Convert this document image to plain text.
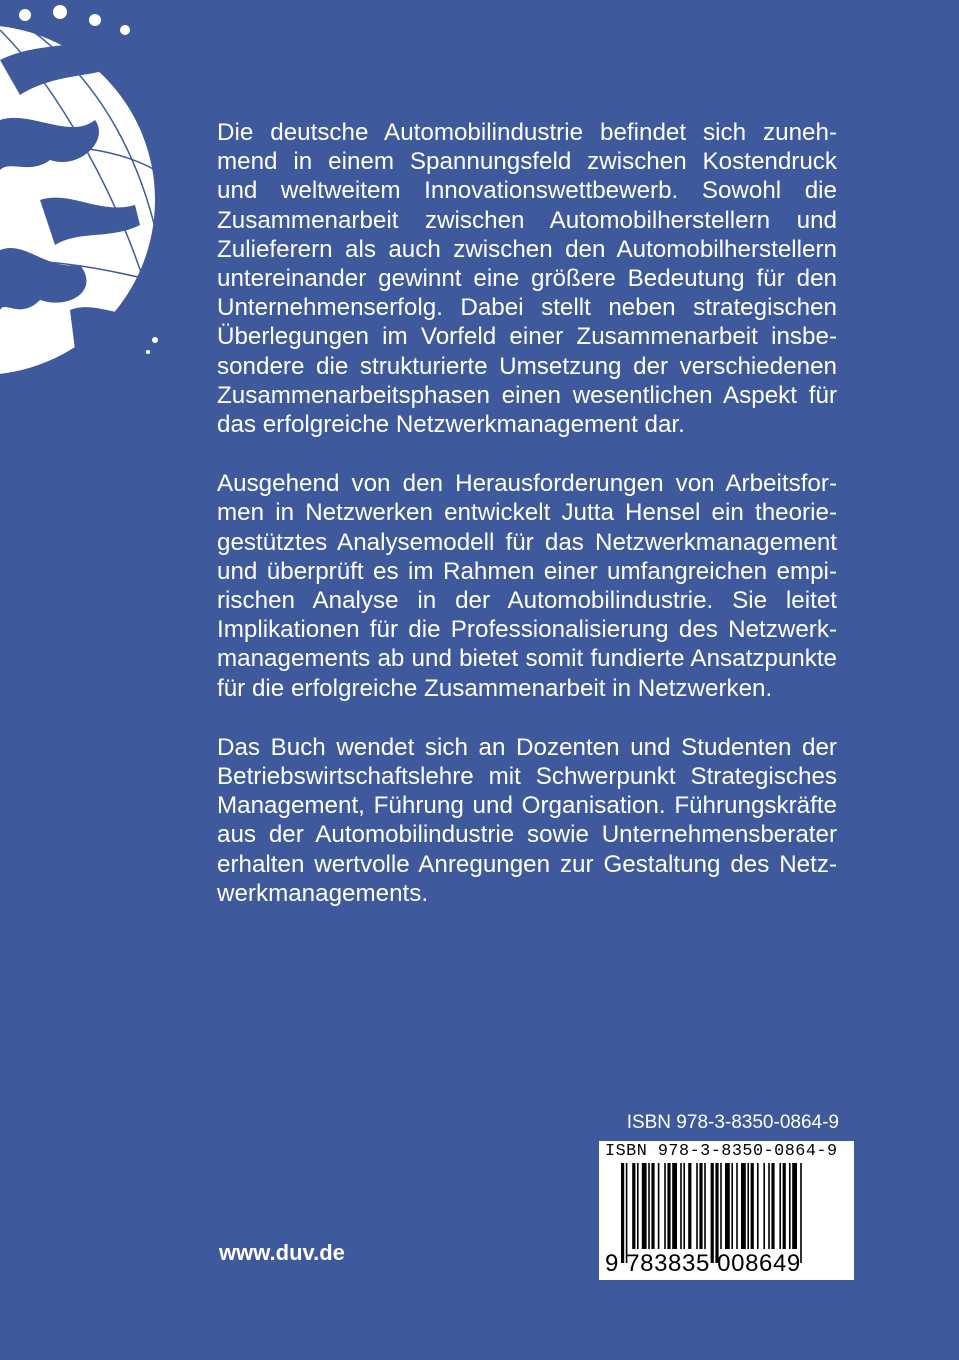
Die deutsche Automobilindustrie befindet sich zunehmend in einem Spannungsfeld zwischen Kostendruck und weltweitem Innovationswettbewerb. Sowohl die Zusammenarbeit zwischen Automobilherstellern und Zulieferern als auch zwischen den Automobilherstellern untereinander gewinnt eine größere Bedeutung für den Unternehmenserfolg. Dabei stellt neben strategischen Überlegungen im Vorfeld einer Zusammenarbeit insbesondere die strukturierte Umsetzung der verschiedenen Zusammenarbeitsphasen einen wesentlichen Aspekt für das erfolgreiche Netzwerkmanagement dar.

Ausgehend von den Herausforderungen von Arbeitsformen in Netzwerken entwickelt Jutta Hensel ein theoriegestütztes Analysemodell für das Netzwerkmanagement und überprüft es im Rahmen einer umfangreichen empirischen Analyse in der Automobilindustrie. Sie leitet Implikationen für die Professionalisierung des Netzwerkmanagements ab und bietet somit fundierte Ansatzpunkte für die erfolgreiche Zusammenarbeit in Netzwerken.

Das Buch wendet sich an Dozenten und Studenten der Betriebswirtschaftslehre mit Schwerpunkt Strategisches Management, Führung und Organisation. Führungskräfte aus der Automobilindustrie sowie Unternehmensberater erhalten wertvolle Anregungen zur Gestaltung des Netzwerkmanagements.

ISBN 978-3-8350-0864-9
ISBN 978-3-8350-0864-9
9 783835 008649
www.duv.de
